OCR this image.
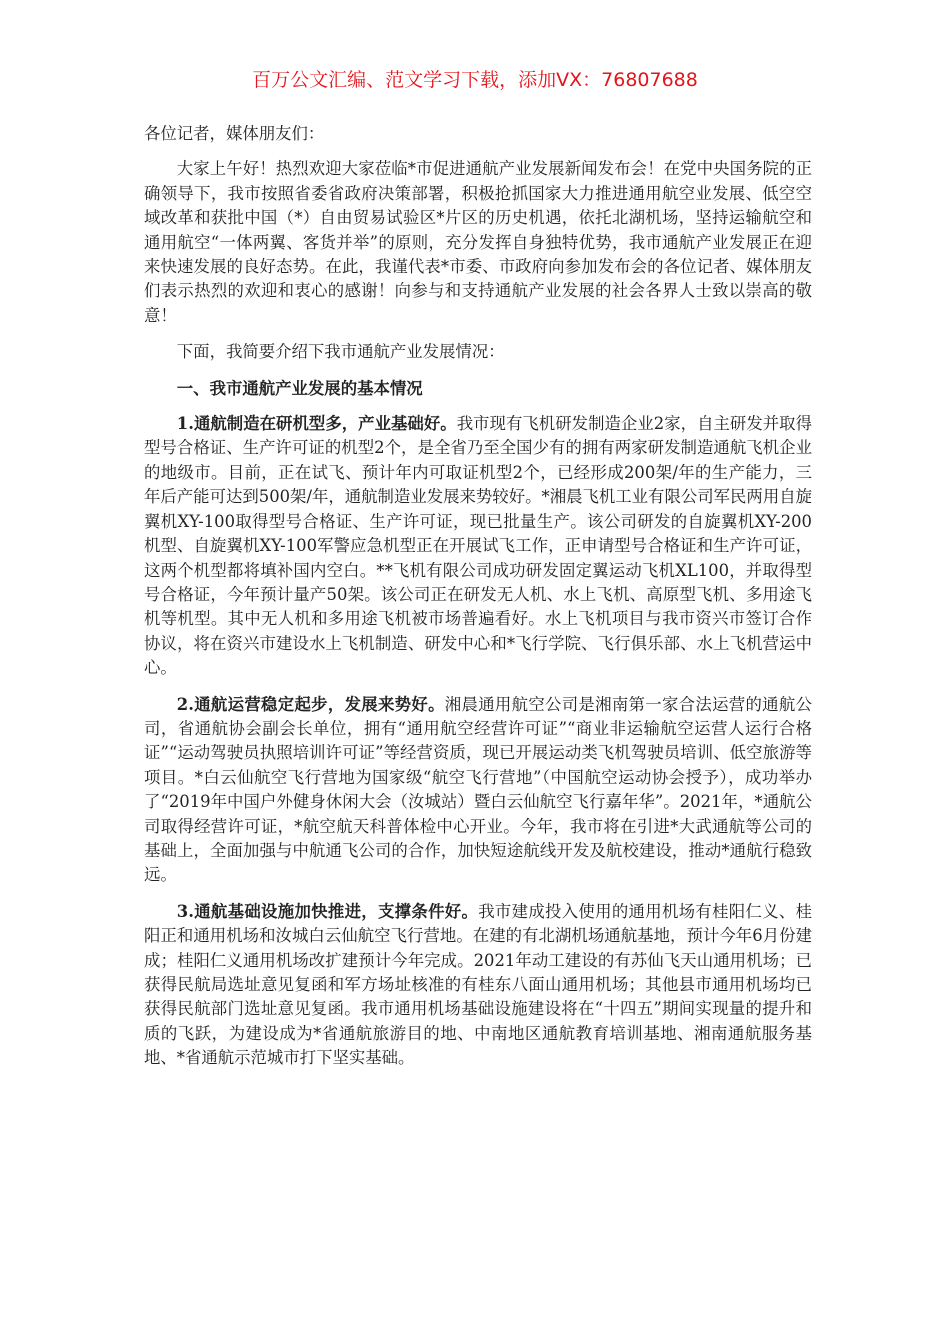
百万公文汇编、范文学习下载，添加VX：76807688

各位记者，媒体朋友们：

大家上午好！热烈欢迎大家莅临*市促进通航产业发展新闻发布会！在党中央国务院的正确领导下，我市按照省委省政府决策部署，积极抢抓国家大力推进通用航空业发展、低空空域改革和获批中国（*）自由贸易试验区*片区的历史机遇，依托北湖机场，坚持运输航空和通用航空“一体两翼、客货并举”的原则，充分发挥自身独特优势，我市通航产业发展正在迎来快速发展的良好态势。在此，我谨代表*市委、市政府向参加发布会的各位记者、媒体朋友们表示热烈的欢迎和衷心的感谢！向参与和支持通航产业发展的社会各界人士致以崇高的敬意！

下面，我简要介绍下我市通航产业发展情况：

一、我市通航产业发展的基本情况

1.通航制造在研机型多，产业基础好。我市现有飞机研发制造企业2家，自主研发并取得型号合格证、生产许可证的机型2个，是全省乃至全国少有的拥有两家研发制造通航飞机企业的地级市。目前，正在试飞、预计年内可取证机型2个，已经形成200架/年的生产能力，三年后产能可达到500架/年，通航制造业发展来势较好。*湘晨飞机工业有限公司军民两用自旋翼机XY-100取得型号合格证、生产许可证，现已批量生产。该公司研发的自旋翼机XY-200机型、自旋翼机XY-100军警应急机型正在开展试飞工作，正申请型号合格证和生产许可证，这两个机型都将填补国内空白。**飞机有限公司成功研发固定翼运动飞机XL100，并取得型号合格证，今年预计量产50架。该公司正在研发无人机、水上飞机、高原型飞机、多用途飞机等机型。其中无人机和多用途飞机被市场普遍看好。水上飞机项目与我市资兴市签订合作协议，将在资兴市建设水上飞机制造、研发中心和*飞行学院、飞行俱乐部、水上飞机营运中心。

2.通航运营稳定起步，发展来势好。湘晨通用航空公司是湘南第一家合法运营的通航公司，省通航协会副会长单位，拥有“通用航空经营许可证”“商业非运输航空运营人运行合格证”“运动驾驶员执照培训许可证”等经营资质，现已开展运动类飞机驾驶员培训、低空旅游等项目。*白云仙航空飞行营地为国家级“航空飞行营地”（中国航空运动协会授予），成功举办了“2019年中国户外健身休闲大会（汝城站）暨白云仙航空飞行嘉年华”。2021年，*通航公司取得经营许可证，*航空航天科普体检中心开业。今年，我市将在引进*大武通航等公司的基础上，全面加强与中航通飞公司的合作，加快短途航线开发及航校建设，推动*通航行稳致远。

3.通航基础设施加快推进，支撑条件好。我市建成投入使用的通用机场有桂阳仁义、桂阳正和通用机场和汝城白云仙航空飞行营地。在建的有北湖机场通航基地，预计今年6月份建成；桂阳仁义通用机场改扩建预计今年完成。2021年动工建设的有苏仙飞天山通用机场；已获得民航局选址意见复函和军方场址核准的有桂东八面山通用机场；其他县市通用机场均已获得民航部门选址意见复函。我市通用机场基础设施建设将在“十四五”期间实现量的提升和质的飞跃，为建设成为*省通航旅游目的地、中南地区通航教育培训基地、湘南通航服务基地、*省通航示范城市打下坚实基础。
